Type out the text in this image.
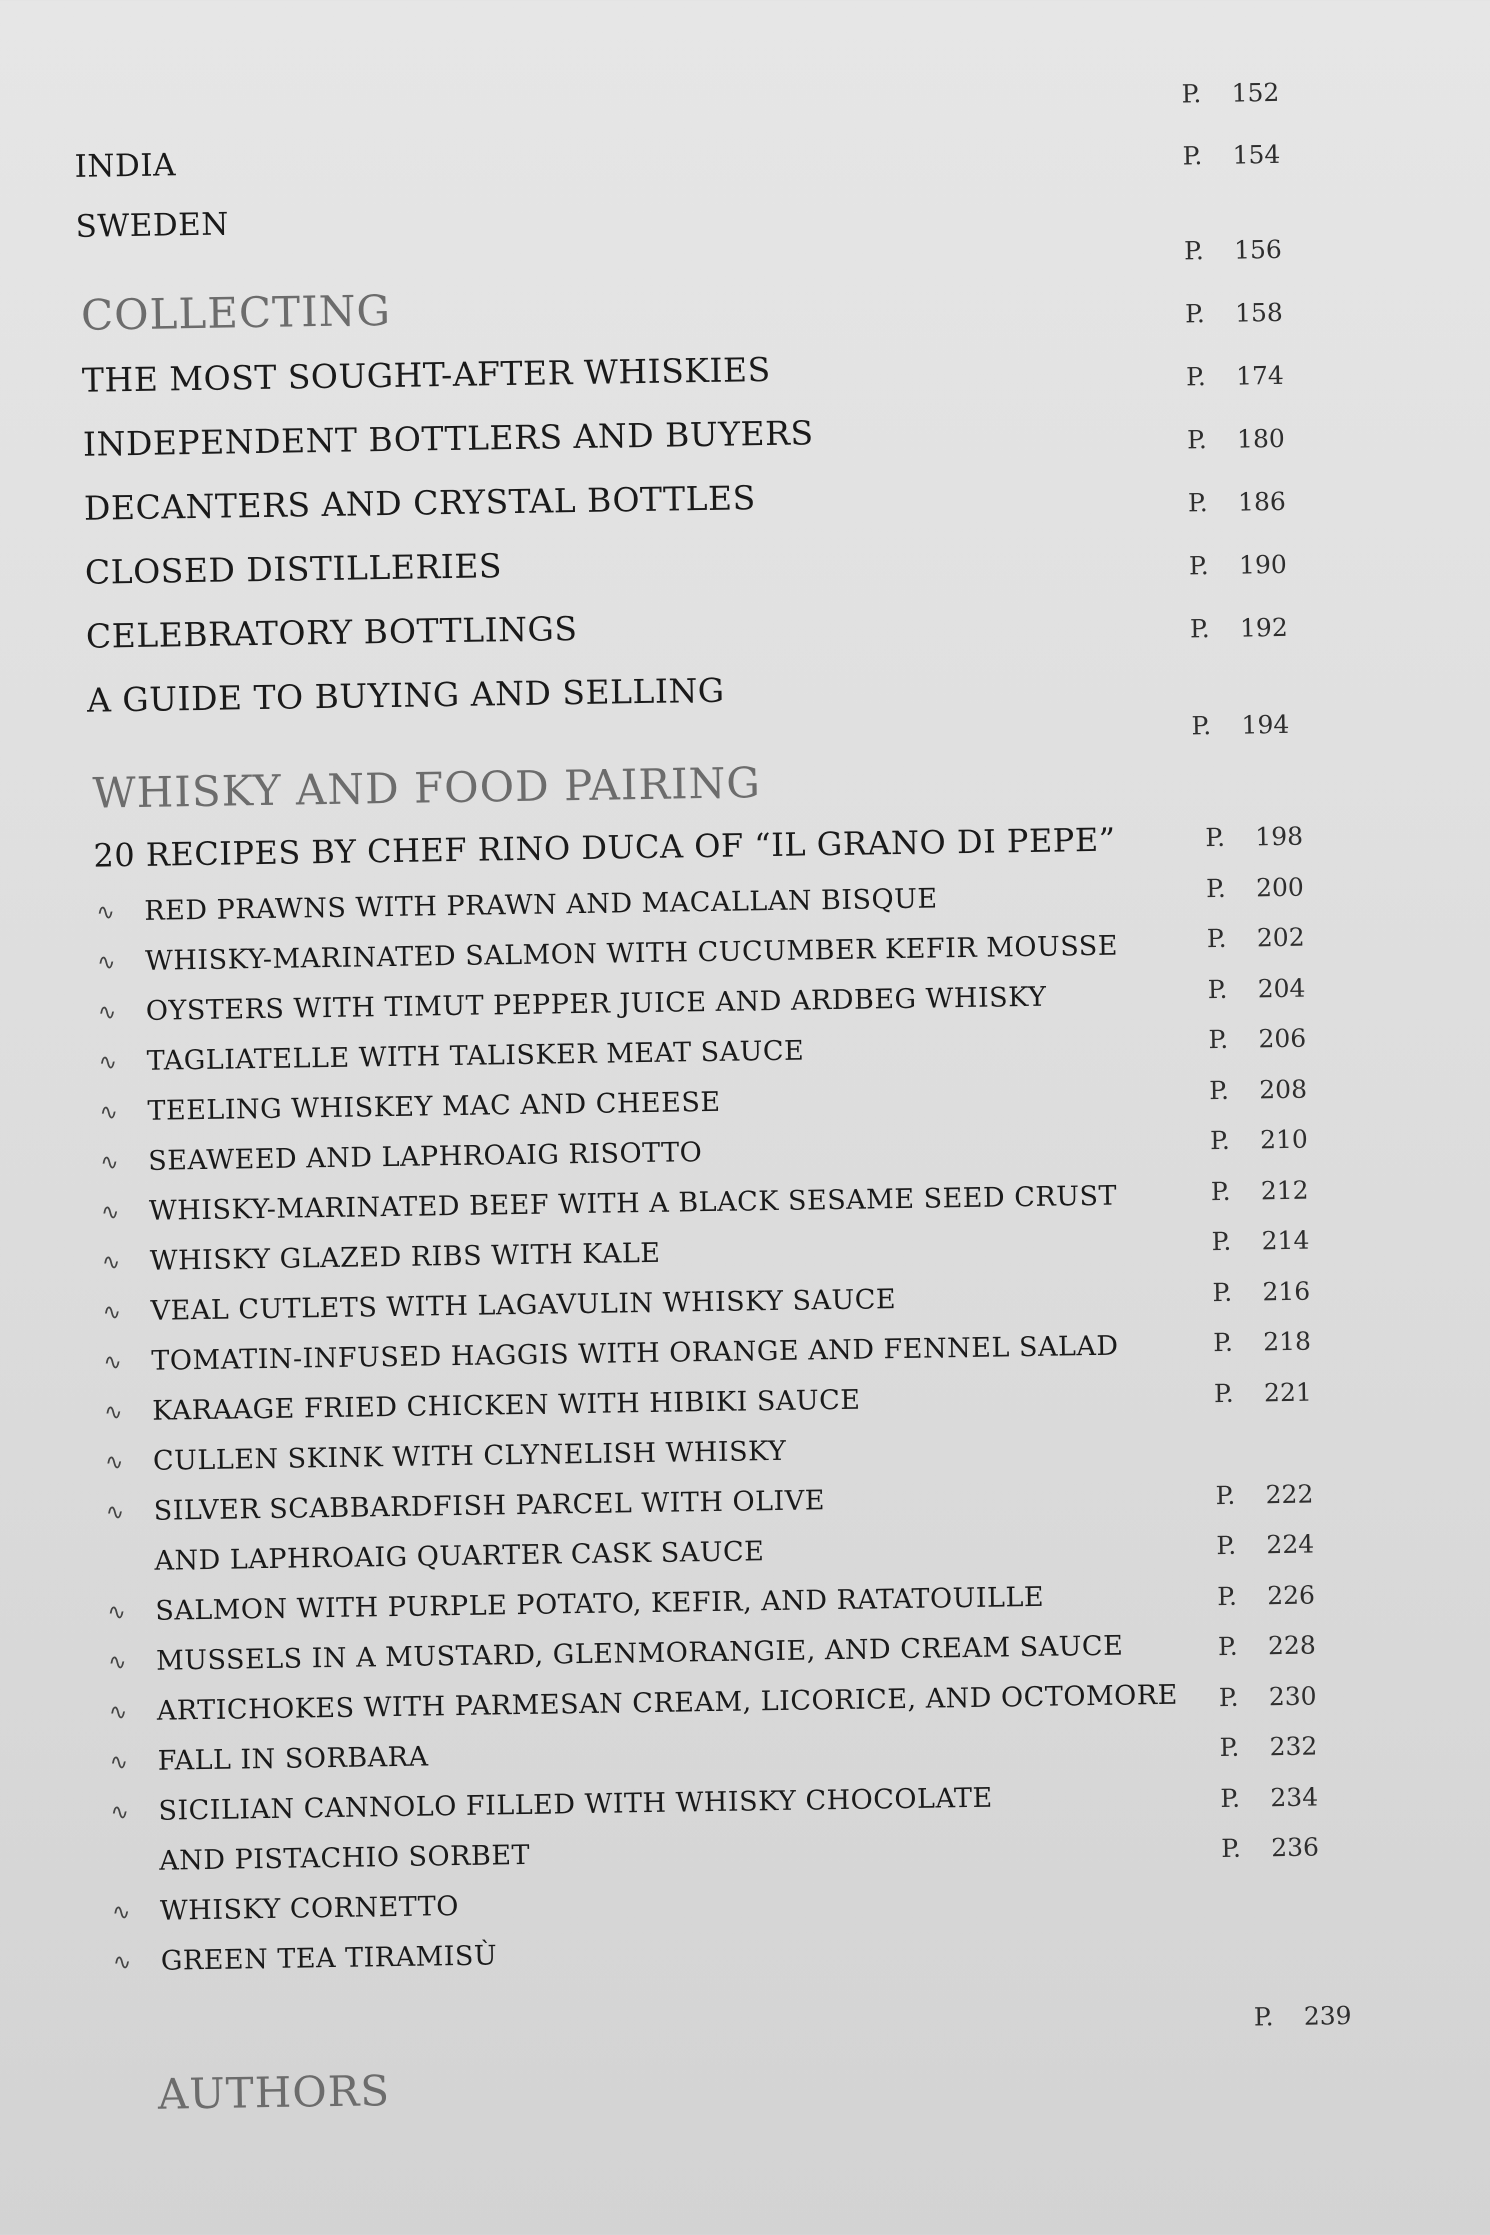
INDIA
SWEDEN
P. 152
P. 154
COLLECTING
P. 156
THE MOST SOUGHT-AFTER WHISKIES
P. 158
INDEPENDENT BOTTLERS AND BUYERS
P. 174
DECANTERS AND CRYSTAL BOTTLES
P. 180
CLOSED DISTILLERIES
P. 186
CELEBRATORY BOTTLINGS
P. 190
A GUIDE TO BUYING AND SELLING
P. 192
WHISKY AND FOOD PAIRING
P. 194
20 RECIPES BY CHEF RINO DUCA OF “IL GRANO DI PEPE”
∿ RED PRAWNS WITH PRAWN AND MACALLAN BISQUE
∿ WHISKY-MARINATED SALMON WITH CUCUMBER KEFIR MOUSSE
∿ OYSTERS WITH TIMUT PEPPER JUICE AND ARDBEG WHISKY
∿ TAGLIATELLE WITH TALISKER MEAT SAUCE
∿ TEELING WHISKEY MAC AND CHEESE
∿ SEAWEED AND LAPHROAIG RISOTTO
∿ WHISKY-MARINATED BEEF WITH A BLACK SESAME SEED CRUST
∿ WHISKY GLAZED RIBS WITH KALE
∿ VEAL CUTLETS WITH LAGAVULIN WHISKY SAUCE
∿ TOMATIN-INFUSED HAGGIS WITH ORANGE AND FENNEL SALAD
∿ KARAAGE FRIED CHICKEN WITH HIBIKI SAUCE
∿ CULLEN SKINK WITH CLYNELISH WHISKY
∿ SILVER SCABBARDFISH PARCEL WITH OLIVE
AND LAPHROAIG QUARTER CASK SAUCE
∿ SALMON WITH PURPLE POTATO, KEFIR, AND RATATOUILLE
∿ MUSSELS IN A MUSTARD, GLENMORANGIE, AND CREAM SAUCE
∿ ARTICHOKES WITH PARMESAN CREAM, LICORICE, AND OCTOMORE
∿ FALL IN SORBARA
∿ SICILIAN CANNOLO FILLED WITH WHISKY CHOCOLATE
AND PISTACHIO SORBET
∿ WHISKY CORNETTO
∿ GREEN TEA TIRAMISÙ
P. 198
P. 200
P. 202
P. 204
P. 206
P. 208
P. 210
P. 212
P. 214
P. 216
P. 218
P. 221
P. 222
P. 224
P. 226
P. 228
P. 230
P. 232
P. 234
P. 236
AUTHORS
P. 239
